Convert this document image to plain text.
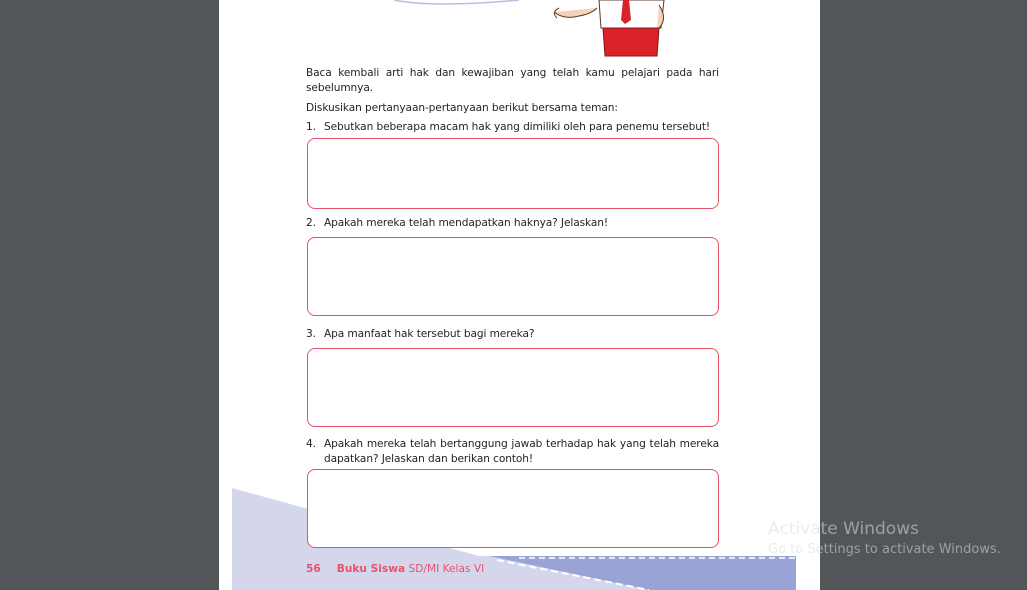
Baca kembali arti hak dan kewajiban yang telah kamu pelajari pada hari sebelumnya.
Diskusikan pertanyaan-pertanyaan berikut bersama teman:
1. Sebutkan beberapa macam hak yang dimiliki oleh para penemu tersebut!
2. Apakah mereka telah mendapatkan haknya? Jelaskan!
3. Apa manfaat hak tersebut bagi mereka?
4. Apakah mereka telah bertanggung jawab terhadap hak yang telah mereka dapatkan? Jelaskan dan berikan contoh!
56 Buku Siswa SD/MI Kelas VI
Activate Windows
Go to Settings to activate Windows.
